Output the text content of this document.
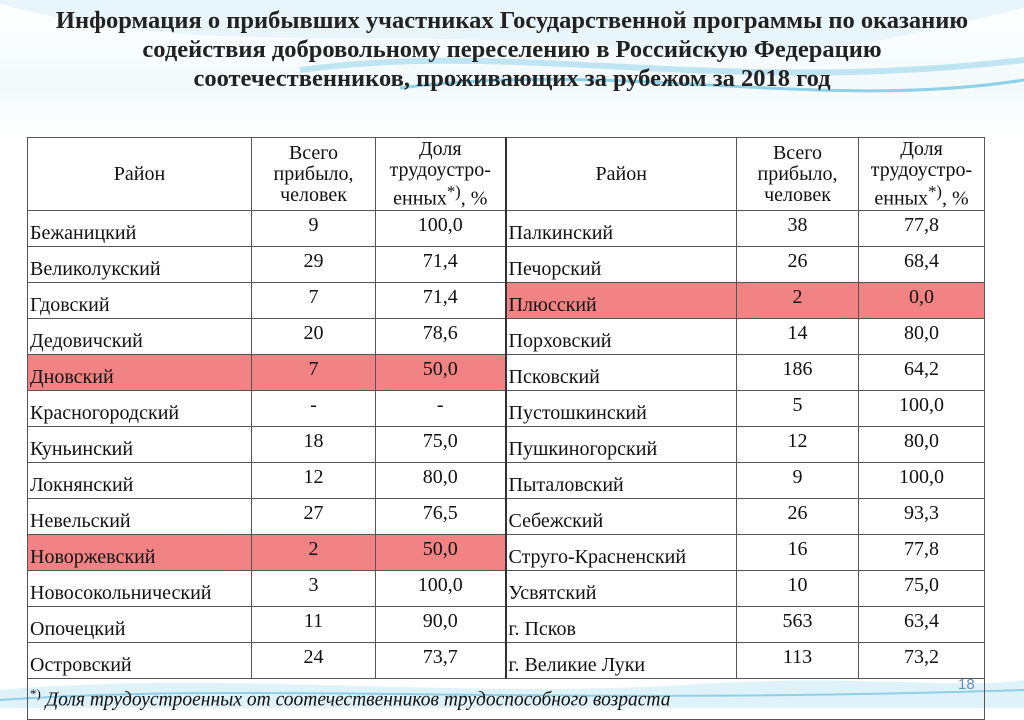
Информация о прибывших участниках Государственной программы по оказанию содействия добровольному переселению в Российскую Федерацию соотечественников, проживающих за рубежом за 2018 год
Район	Всего прибыло, человек	Доля трудоустро-енных*), %	Район	Всего прибыло, человек	Доля трудоустро-енных*), %
Бежаницкий	9	100,0	Палкинский	38	77,8
Великолукский	29	71,4	Печорский	26	68,4
Гдовский	7	71,4	Плюсский	2	0,0
Дедовичский	20	78,6	Порховский	14	80,0
Дновский	7	50,0	Псковский	186	64,2
Красногородский	-	-	Пустошкинский	5	100,0
Куньинский	18	75,0	Пушкиногорский	12	80,0
Локнянский	12	80,0	Пыталовский	9	100,0
Невельский	27	76,5	Себежский	26	93,3
Новоржевский	2	50,0	Струго-Красненский	16	77,8
Новосокольнический	3	100,0	Усвятский	10	75,0
Опочецкий	11	90,0	г. Псков	563	63,4
Островский	24	73,7	г. Великие Луки	113	73,2
*) Доля трудоустроенных от соотечественников трудоспособного возраста					
18
